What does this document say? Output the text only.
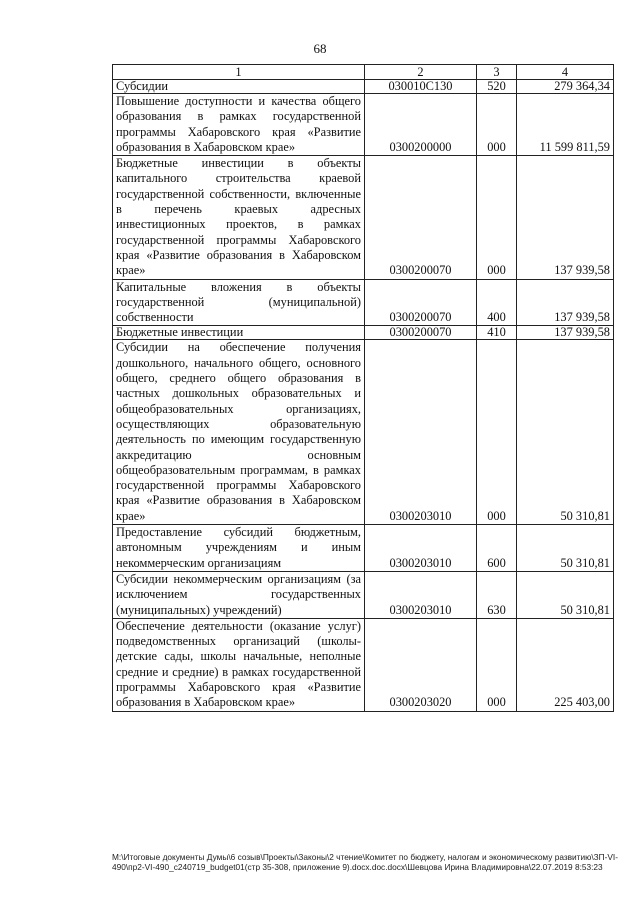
68
1	2	3	4
Субсидии	030010C130	520	279 364,34
Повышение доступности и качества общего образования в рамках государственной программы Хабаровского края «Развитие образования в Хабаровском крае»	0300200000	000	11 599 811,59
Бюджетные инвестиции в объекты капитального строительства краевой государственной собственности, включенные в перечень краевых адресных инвестиционных проектов, в рамках государственной программы Хабаровского края «Развитие образования в Хабаровском крае»	0300200070	000	137 939,58
Капитальные вложения в объекты государственной (муниципальной) собственности	0300200070	400	137 939,58
Бюджетные инвестиции	0300200070	410	137 939,58
Субсидии на обеспечение получения дошкольного, начального общего, основного общего, среднего общего образования в частных дошкольных образовательных и общеобразовательных организациях, осуществляющих образовательную деятельность по имеющим государственную аккредитацию основным общеобразовательным программам, в рамках государственной программы Хабаровского края «Развитие образования в Хабаровском крае»	0300203010	000	50 310,81
Предоставление субсидий бюджетным, автономным учреждениям и иным некоммерческим организациям	0300203010	600	50 310,81
Субсидии некоммерческим организациям (за исключением государственных (муниципальных) учреждений)	0300203010	630	50 310,81
Обеспечение деятельности (оказание услуг) подведомственных организаций (школы-детские сады, школы начальные, неполные средние и средние) в рамках государственной программы Хабаровского края «Развитие образования в Хабаровском крае»	0300203020	000	225 403,00
М:\Итоговые документы Думы\6 созыв\Проекты\Законы\2 чтение\Комитет по бюджету, налогам и экономическому развитию\ЗП-VI-490\пр2-VI-490_с240719_budget01(стр 35-308, приложение 9).docx.doc.docx\Шевцова Ирина Владимировна\22.07.2019 8:53:23
